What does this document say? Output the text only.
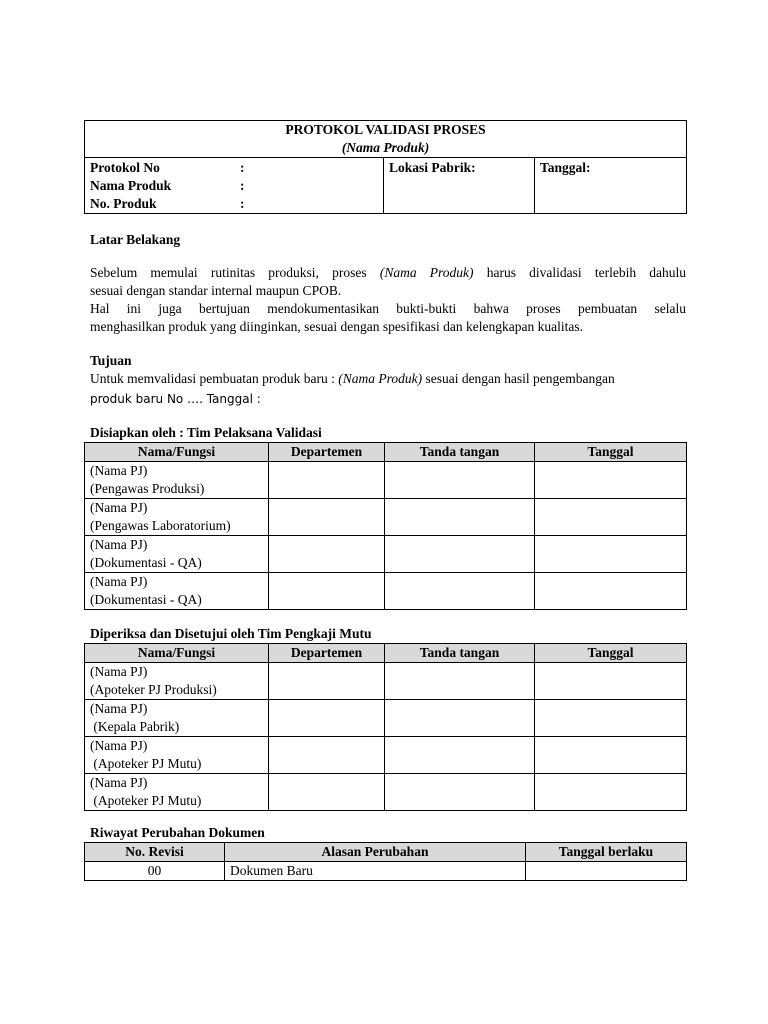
PROTOKOL VALIDASI PROSES
(Nama Produk)

Protokol No	:
Nama Produk	:
No. Produk	:
	Lokasi Pabrik:	Tanggal:
Latar Belakang
Sebelum memulai rutinitas produksi, proses (Nama Produk) harus divalidasi terlebih dahulu
sesuai dengan standar internal maupun CPOB.
Hal ini juga bertujuan mendokumentasikan bukti-bukti bahwa proses pembuatan selalu
menghasilkan produk yang diinginkan, sesuai dengan spesifikasi dan kelengkapan kualitas.
Tujuan
Untuk memvalidasi pembuatan produk baru : (Nama Produk) sesuai dengan hasil pengembangan
produk baru No …. Tanggal :
Disiapkan oleh : Tim Pelaksana Validasi
Nama/Fungsi	Departemen	Tanda tangan	Tanggal

(Nama PJ)
(Pengawas Produksi)			

(Nama PJ)
(Pengawas Laboratorium)			

(Nama PJ)
(Dokumentasi - QA)			

(Nama PJ)
(Dokumentasi - QA)			

Diperiksa dan Disetujui oleh Tim Pengkaji Mutu
Nama/Fungsi	Departemen	Tanda tangan	Tanggal

(Nama PJ)
(Apoteker PJ Produksi)			

(Nama PJ)
(Kepala Pabrik)			

(Nama PJ)
(Apoteker PJ Mutu)			

(Nama PJ)
(Apoteker PJ Mutu)			

Riwayat Perubahan Dokumen
No. Revisi	Alasan Perubahan	Tanggal berlaku
00	Dokumen Baru	
